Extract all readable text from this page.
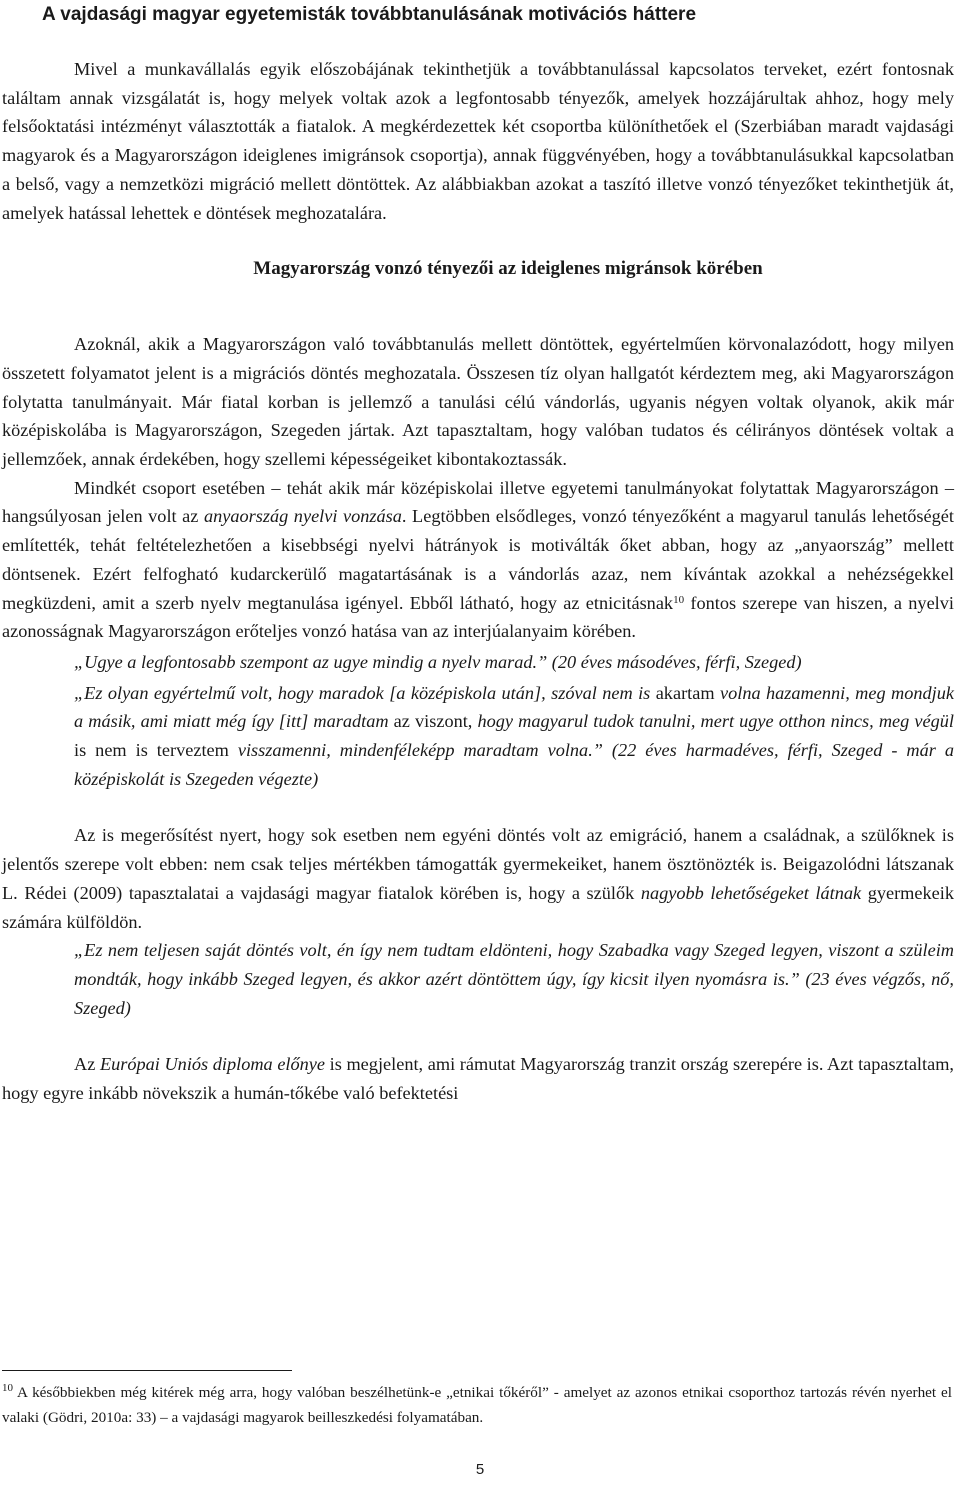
A vajdasági magyar egyetemisták továbbtanulásának motivációs háttere

Mivel a munkavállalás egyik előszobájának tekinthetjük a továbbtanulással kapcsolatos terveket, ezért fontosnak találtam annak vizsgálatát is, hogy melyek voltak azok a legfontosabb tényezők, amelyek hozzájárultak ahhoz, hogy mely felsőoktatási intézményt választották a fiatalok. A megkérdezettek két csoportba különíthetőek el (Szerbiában maradt vajdasági magyarok és a Magyarországon ideiglenes imigránsok csoportja), annak függvényében, hogy a továbbtanulásukkal kapcsolatban a belső, vagy a nemzetközi migráció mellett döntöttek. Az alábbiakban azokat a taszító illetve vonzó tényezőket tekinthetjük át, amelyek hatással lehettek e döntések meghozatalára.

Magyarország vonzó tényezői az ideiglenes migránsok körében

Azoknál, akik a Magyarországon való továbbtanulás mellett döntöttek, egyértelműen körvonalazódott, hogy milyen összetett folyamatot jelent is a migrációs döntés meghozatala. Összesen tíz olyan hallgatót kérdeztem meg, aki Magyarországon folytatta tanulmányait. Már fiatal korban is jellemző a tanulási célú vándorlás, ugyanis négyen voltak olyanok, akik már középiskolába is Magyarországon, Szegeden jártak. Azt tapasztaltam, hogy valóban tudatos és célirányos döntések voltak a jellemzőek, annak érdekében, hogy szellemi képességeiket kibontakoztassák.

Mindkét csoport esetében – tehát akik már középiskolai illetve egyetemi tanulmányokat folytattak Magyarországon – hangsúlyosan jelen volt az anyaország nyelvi vonzása. Legtöbben elsődleges, vonzó tényezőként a magyarul tanulás lehetőségét említették, tehát feltételezhetően a kisebbségi nyelvi hátrányok is motiválták őket abban, hogy az „anyaország” mellett döntsenek. Ezért felfogható kudarckerülő magatartásának is a vándorlás azaz, nem kívántak azokkal a nehézségekkel megküzdeni, amit a szerb nyelv megtanulása igényel. Ebből látható, hogy az etnicitásnak$^{10}$ fontos szerepe van hiszen, a nyelvi azonosságnak Magyarországon erőteljes vonzó hatása van az interjúalanyaim körében.

„Ugye a legfontosabb szempont az ugye mindig a nyelv marad.” (20 éves másodéves, férfi, Szeged)
„Ez olyan egyértelmű volt, hogy maradok [a középiskola után], szóval nem is akartam volna hazamenni, meg mondjuk a másik, ami miatt még így [itt] maradtam az viszont, hogy magyarul tudok tanulni, mert ugye otthon nincs, meg végül is nem is terveztem visszamenni, mindenféleképp maradtam volna.” (22 éves harmadéves, férfi, Szeged - már a középiskolát is Szegeden végezte)

Az is megerősítést nyert, hogy sok esetben nem egyéni döntés volt az emigráció, hanem a családnak, a szülőknek is jelentős szerepe volt ebben: nem csak teljes mértékben támogatták gyermekeiket, hanem ösztönözték is. Beigazolódni látszanak L. Rédei (2009) tapasztalatai a vajdasági magyar fiatalok körében is, hogy a szülők nagyobb lehetőségeket látnak gyermekeik számára külföldön.

„Ez nem teljesen saját döntés volt, én így nem tudtam eldönteni, hogy Szabadka vagy Szeged legyen, viszont a szüleim mondták, hogy inkább Szeged legyen, és akkor azért döntöttem úgy, így kicsit ilyen nyomásra is.” (23 éves végzős, nő, Szeged)

Az Európai Uniós diploma előnye is megjelent, ami rámutat Magyarország tranzit ország szerepére is. Azt tapasztaltam, hogy egyre inkább növekszik a humán-tőkébe való befektetési

$^{10}$ A későbbiekben még kitérek még arra, hogy valóban beszélhetünk-e „etnikai tőkéről” - amelyet az azonos etnikai csoporthoz tartozás révén nyerhet el valaki (Gödri, 2010a: 33) – a vajdasági magyarok beilleszkedési folyamatában.
5
